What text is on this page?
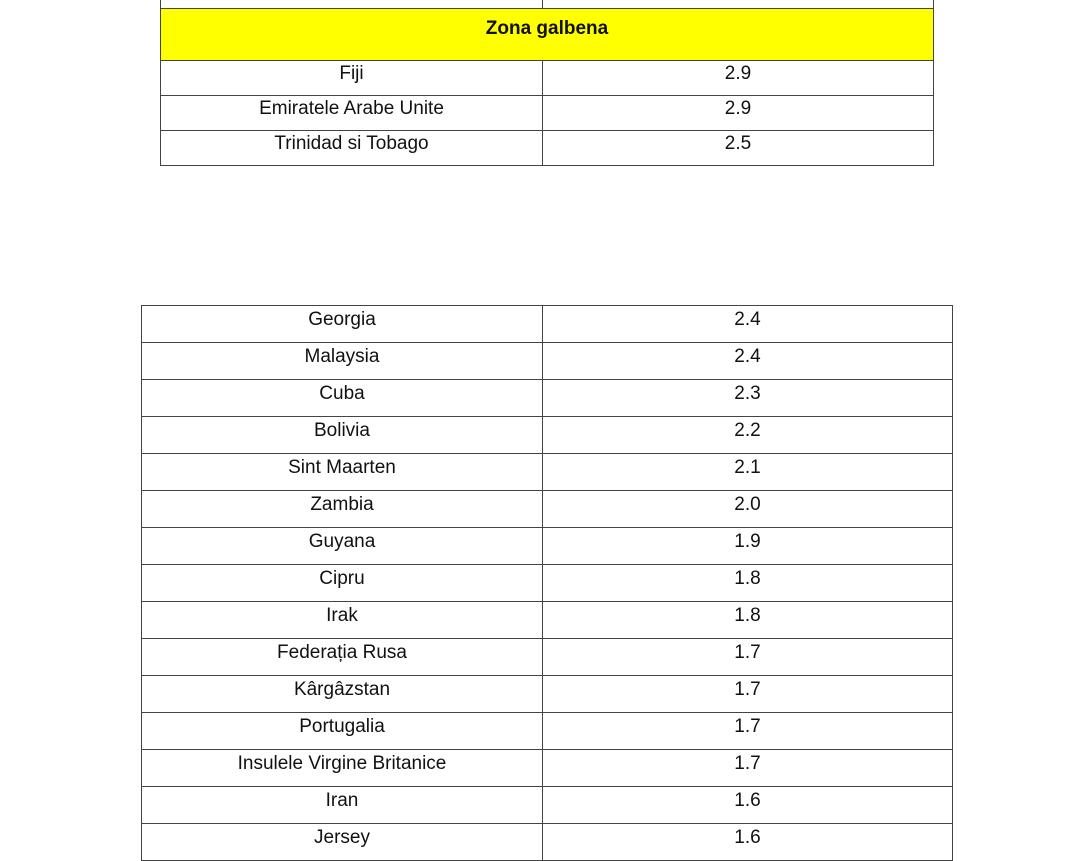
Zona galbena	
Fiji	2.9
Emiratele Arabe Unite	2.9
Trinidad si Tobago	2.5
Georgia	2.4
Malaysia	2.4
Cuba	2.3
Bolivia	2.2
Sint Maarten	2.1
Zambia	2.0
Guyana	1.9
Cipru	1.8
Irak	1.8
Federația Rusa	1.7
Kârgâzstan	1.7
Portugalia	1.7
Insulele Virgine Britanice	1.7
Iran	1.6
Jersey	1.6
